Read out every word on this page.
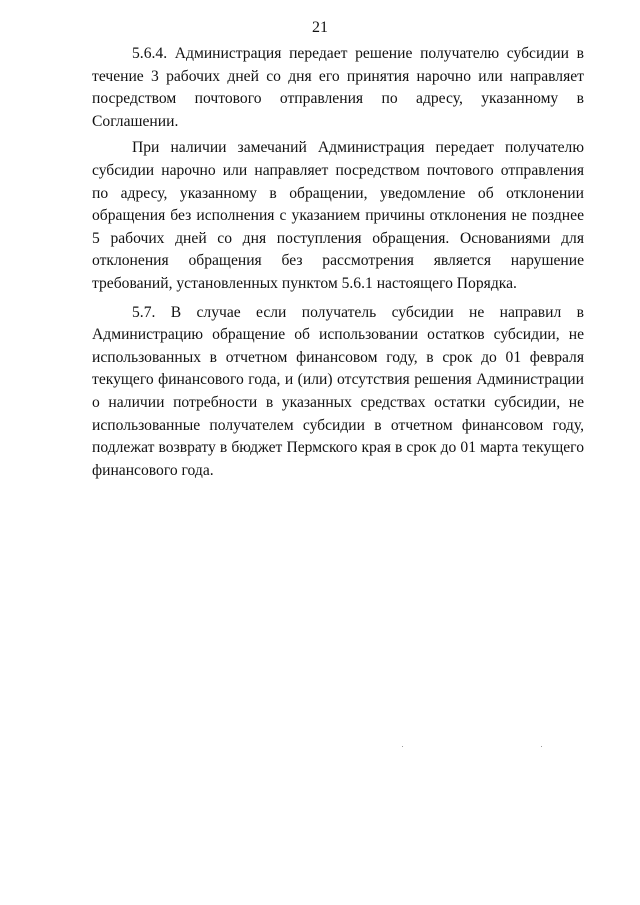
21

5.6.4. Администрация передает решение получателю субсидии в течение 3 рабочих дней со дня его принятия нарочно или направляет посредством почтового отправления по адресу, указанному в Соглашении.

При наличии замечаний Администрация передает получателю субсидии нарочно или направляет посредством почтового отправления по адресу, указанному в обращении, уведомление об отклонении обращения без исполнения с указанием причины отклонения не позднее 5 рабочих дней со дня поступления обращения. Основаниями для отклонения обращения без рассмотрения является нарушение требований, установленных пунктом 5.6.1 настоящего Порядка.

5.7. В случае если получатель субсидии не направил в Администрацию обращение об использовании остатков субсидии, не использованных в отчетном финансовом году, в срок до 01 февраля текущего финансового года, и (или) отсутствия решения Администрации о наличии потребности в указанных средствах остатки субсидии, не использованные получателем субсидии в отчетном финансовом году, подлежат возврату в бюджет Пермского края в срок до 01 марта текущего финансового года.
